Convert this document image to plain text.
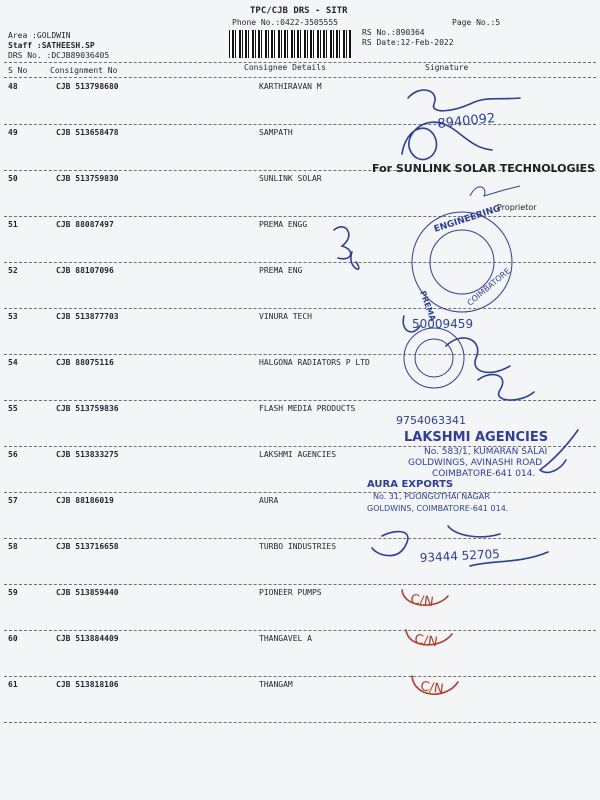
TPC/CJB DRS - SITR
Phone No.:0422-3505555	Page No.:5
Area :GOLDWIN
Staff :SATHEESH.SP
DRS No. :DCJB89036405
RS No.:890364
RS Date:12-Feb-2022
S No	Consignment No	Consignee Details	Signature
48	CJB 513798680	KARTHIRAVAN M
49	CJB 513658478	SAMPATH
50	CJB 513759830	SUNLINK SOLAR
51	CJB 88087497	PREMA ENGG
52	CJB 88107096	PREMA ENG
53	CJB 513877703	VINURA TECH
54	CJB 88075116	HALGONA RADIATORS P LTD
55	CJB 513759836	FLASH MEDIA PRODUCTS
56	CJB 513833275	LAKSHMI AGENCIES
57	CJB 88186019	AURA
58	CJB 513716658	TURBO INDUSTRIES
59	CJB 513859440	PIONEER PUMPS
60	CJB 513884409	THANGAVEL A
61	CJB 513818106	THANGAM
8940092
For SUNLINK SOLAR TECHNOLOGIES
Proprietor
ENGINEERING
COIMBATORE
PREMA
50009459
9754063341
LAKSHMI AGENCIES
No. 583/1, KUMARAN SALAI
GOLDWINGS, AVINASHI ROAD
COIMBATORE-641 014.
AURA EXPORTS
No. 31, POONGOTHAI NAGAR
GOLDWINS, COIMBATORE-641 014.
93444 52705
C/N
C/N
C/N
